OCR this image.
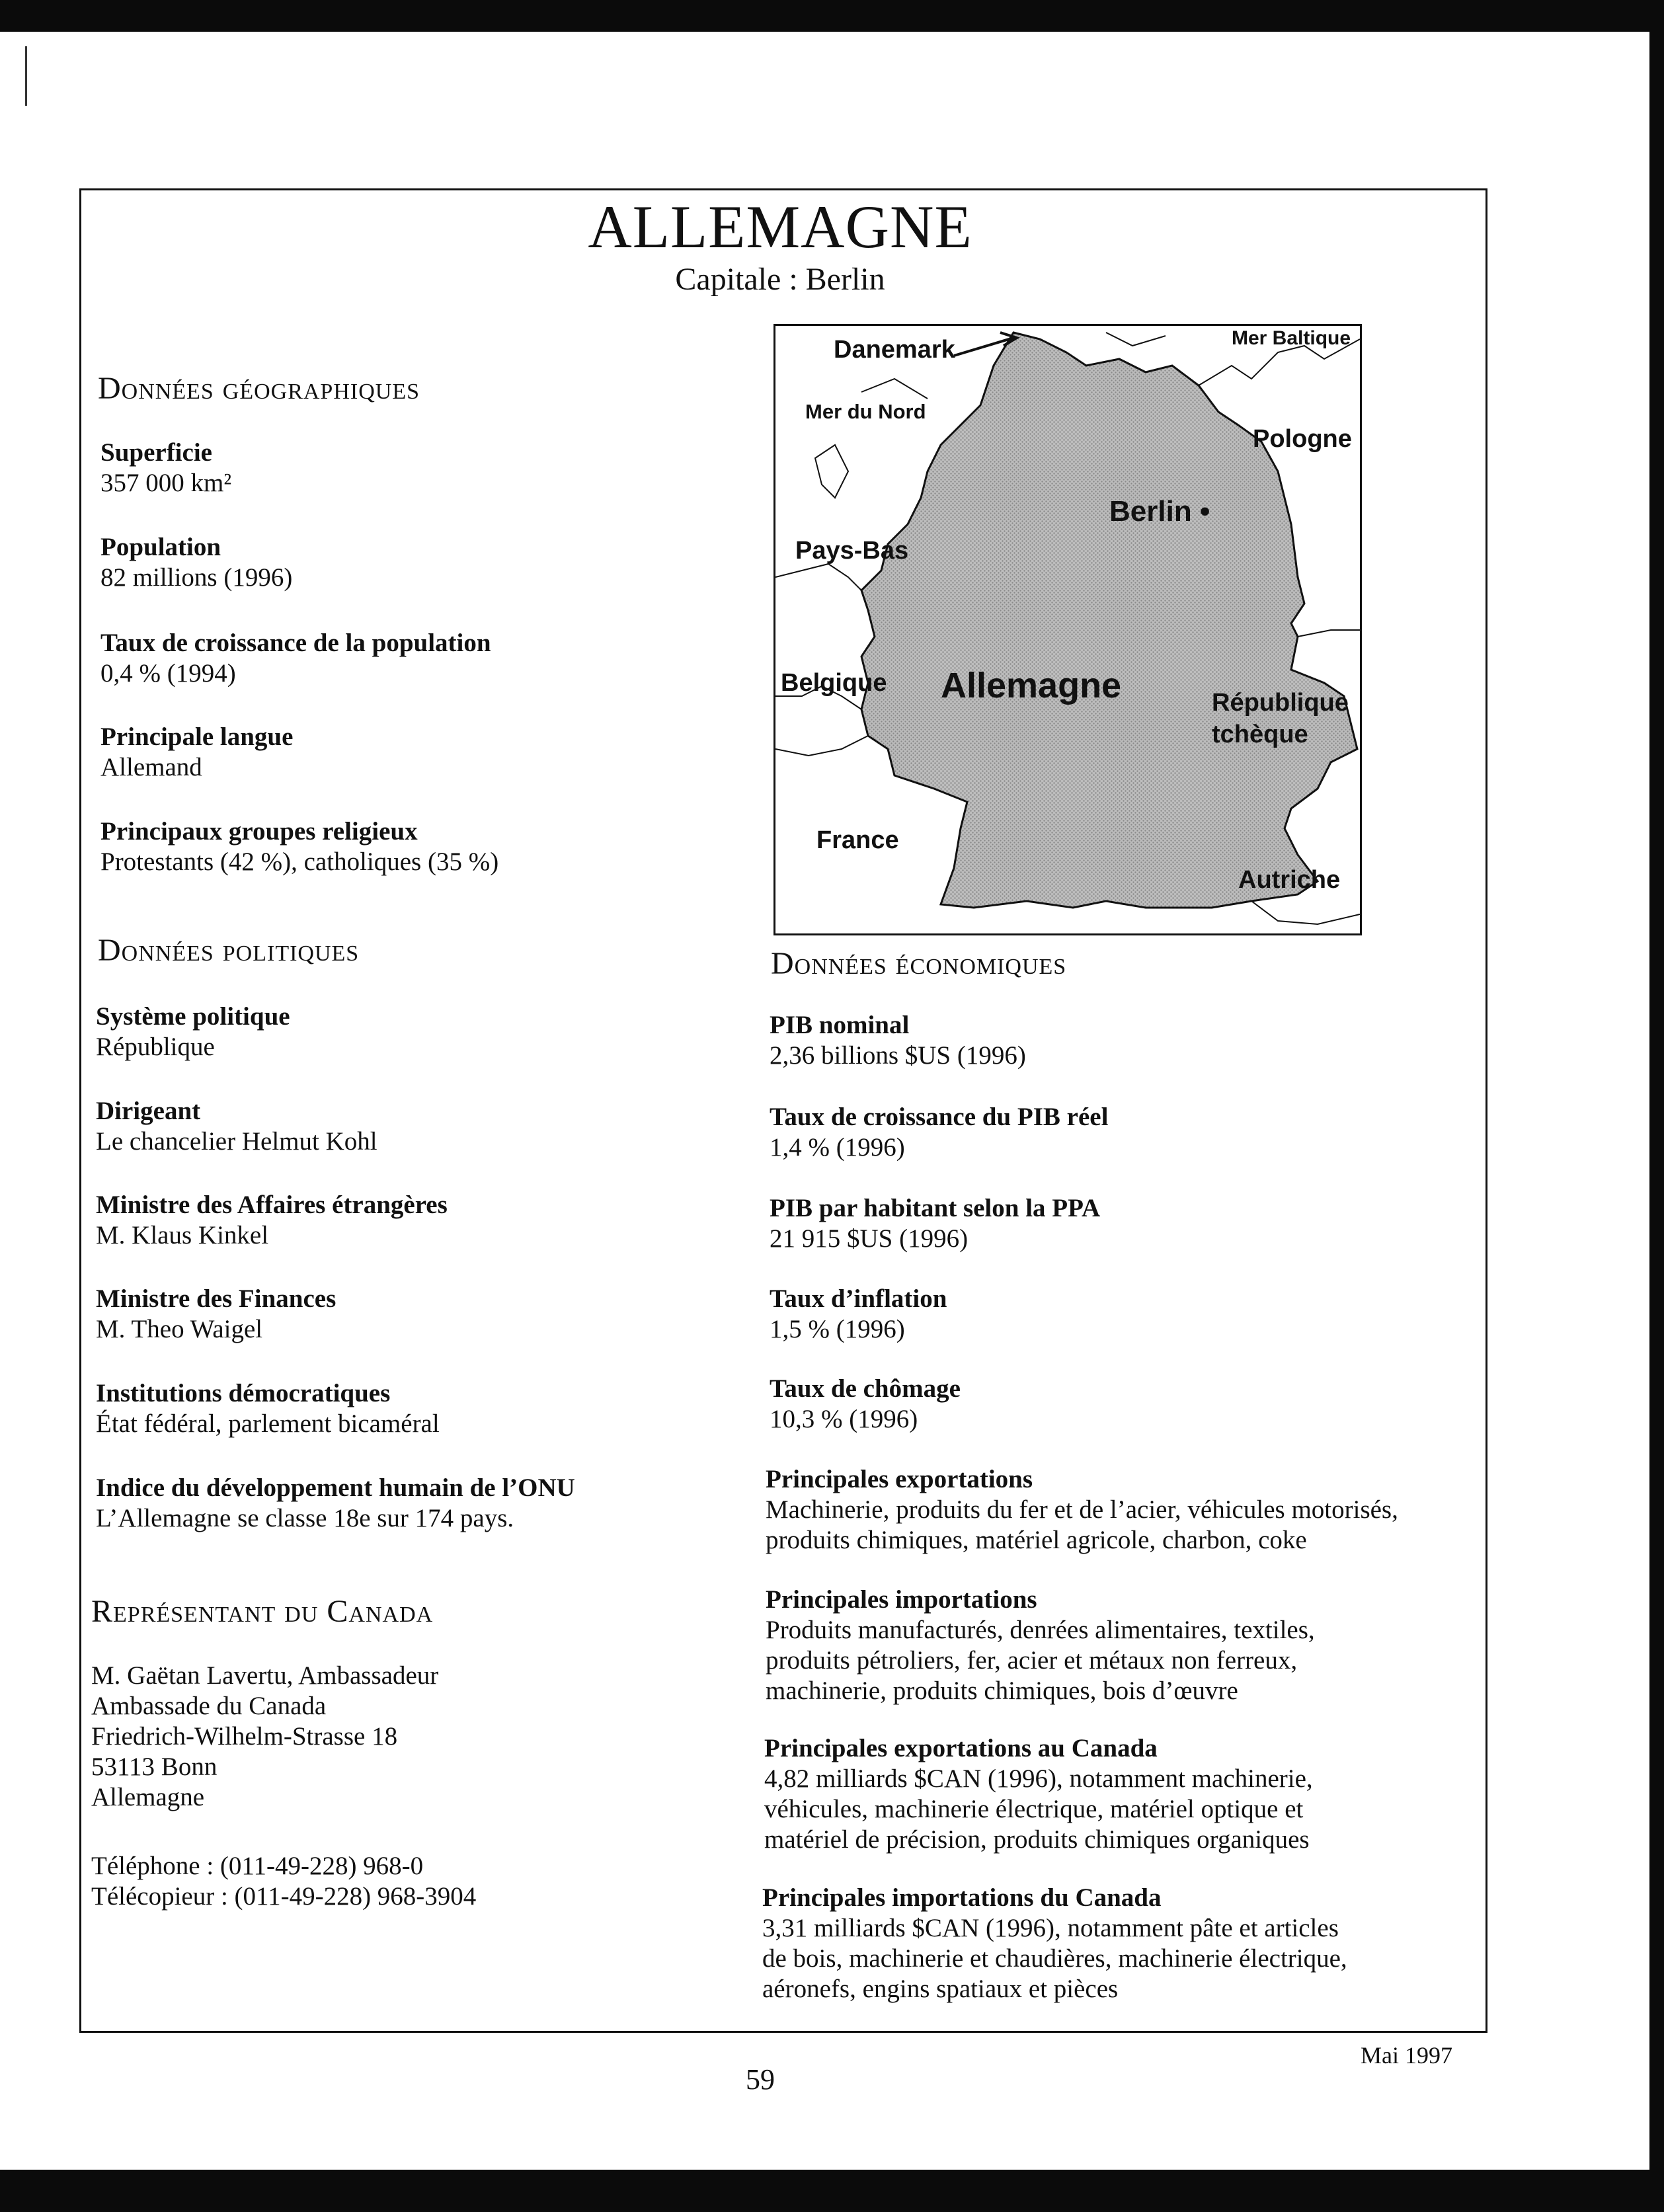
ALLEMAGNE
Capitale : Berlin
Danemark	Mer Baltique
Mer du Nord
Pologne
Berlin •
Pays-Bas
Belgique Allemagne	République
tchèque
France
Autriche
Données géographiques
Superficie
357 000 km²
Population
82 millions (1996)
Taux de croissance de la population
0,4 % (1994)
Principale langue
Allemand
Principaux groupes religieux
Protestants (42 %), catholiques (35 %)
Données politiques
Système politique
République
Dirigeant
Le chancelier Helmut Kohl
Ministre des Affaires étrangères
M. Klaus Kinkel
Ministre des Finances
M. Theo Waigel
Institutions démocratiques
État fédéral, parlement bicaméral
Indice du développement humain de l’ONU
L’Allemagne se classe 18e sur 174 pays.
Représentant du Canada
M. Gaëtan Lavertu, Ambassadeur
Ambassade du Canada
Friedrich-Wilhelm-Strasse 18
53113 Bonn
Allemagne
Téléphone : (011-49-228) 968-0
Télécopieur : (011-49-228) 968-3904
Données économiques
PIB nominal
2,36 billions $US (1996)
Taux de croissance du PIB réel
1,4 % (1996)
PIB par habitant selon la PPA
21 915 $US (1996)
Taux d’inflation
1,5 % (1996)
Taux de chômage
10,3 % (1996)
Principales exportations
Machinerie, produits du fer et de l’acier, véhicules motorisés,
produits chimiques, matériel agricole, charbon, coke
Principales importations
Produits manufacturés, denrées alimentaires, textiles,
produits pétroliers, fer, acier et métaux non ferreux,
machinerie, produits chimiques, bois d’œuvre
Principales exportations au Canada
4,82 milliards $CAN (1996), notamment machinerie,
véhicules, machinerie électrique, matériel optique et
matériel de précision, produits chimiques organiques
Principales importations du Canada
3,31 milliards $CAN (1996), notamment pâte et articles
de bois, machinerie et chaudières, machinerie électrique,
aéronefs, engins spatiaux et pièces
Mai 1997
59
